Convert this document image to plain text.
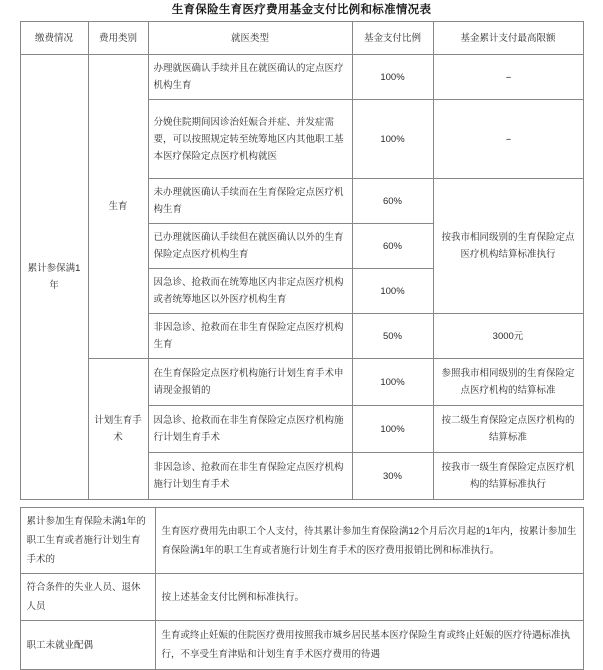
生育保险生育医疗费用基金支付比例和标准情况表
缴费情况	费用类别	就医类型	基金支付比例	基金累计支付最高限额
累计参保满1年	生育	办理就医确认手续并且在就医确认的定点医疗机构生育	100%	--
		分娩住院期间因诊治妊娠合并症、并发症需要，可以按照规定转至统筹地区内其他职工基本医疗保险定点医疗机构就医	100%	--
		未办理就医确认手续而在生育保险定点医疗机构生育	60%	按我市相同级别的生育保险定点医疗机构结算标准执行
		已办理就医确认手续但在就医确认以外的生育保险定点医疗机构生育	60%	
		因急诊、抢救而在统筹地区内非定点医疗机构或者统筹地区以外医疗机构生育	100%	
		非因急诊、抢救而在非生育保险定点医疗机构生育	50%	3000元
	计划生育手术	在生育保险定点医疗机构施行计划生育手术申请现金报销的	100%	参照我市相同级别的生育保险定点医疗机构的结算标准
		因急诊、抢救而在非生育保险定点医疗机构施行计划生育手术	100%	按二级生育保险定点医疗机构的结算标准
		非因急诊、抢救而在非生育保险定点医疗机构施行计划生育手术	30%	按我市一级生育保险定点医疗机构的结算标准执行
累计参加生育保险未满1年的职工生育或者施行计划生育手术的	生育医疗费用先由职工个人支付，待其累计参加生育保险满12个月后次月起的1年内，按累计参加生育保险满1年的职工生育或者施行计划生育手术的医疗费用报销比例和标准执行。
符合条件的失业人员、退休人员	按上述基金支付比例和标准执行。
职工未就业配偶	生育或终止妊娠的住院医疗费用按照我市城乡居民基本医疗保险生育或终止妊娠的医疗待遇标准执行，不享受生育津贴和计划生育手术医疗费用的待遇
